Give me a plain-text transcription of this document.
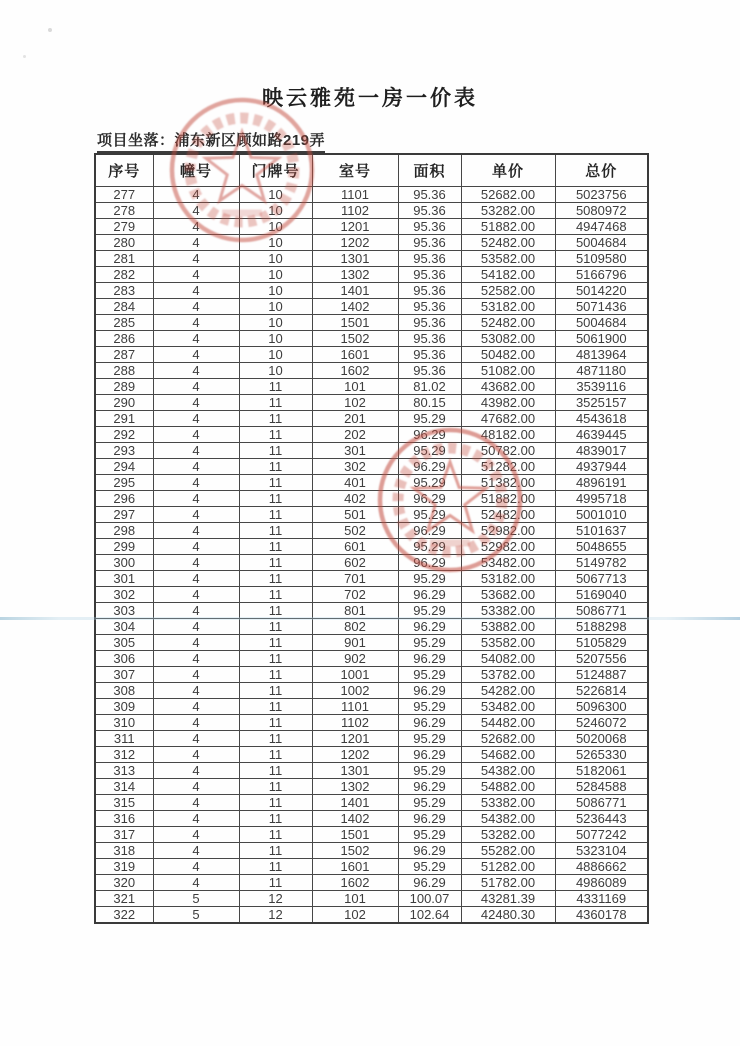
映云雅苑一房一价表
项目坐落：浦东新区顾如路219弄
序号	幢号	门牌号	室号	面积	单价	总价
277	4	10	1101	95.36	52682.00	5023756
278	4	10	1102	95.36	53282.00	5080972
279	4	10	1201	95.36	51882.00	4947468
280	4	10	1202	95.36	52482.00	5004684
281	4	10	1301	95.36	53582.00	5109580
282	4	10	1302	95.36	54182.00	5166796
283	4	10	1401	95.36	52582.00	5014220
284	4	10	1402	95.36	53182.00	5071436
285	4	10	1501	95.36	52482.00	5004684
286	4	10	1502	95.36	53082.00	5061900
287	4	10	1601	95.36	50482.00	4813964
288	4	10	1602	95.36	51082.00	4871180
289	4	11	101	81.02	43682.00	3539116
290	4	11	102	80.15	43982.00	3525157
291	4	11	201	95.29	47682.00	4543618
292	4	11	202	96.29	48182.00	4639445
293	4	11	301	95.29	50782.00	4839017
294	4	11	302	96.29	51282.00	4937944
295	4	11	401	95.29	51382.00	4896191
296	4	11	402	96.29	51882.00	4995718
297	4	11	501	95.29	52482.00	5001010
298	4	11	502	96.29	52982.00	5101637
299	4	11	601	95.29	52982.00	5048655
300	4	11	602	96.29	53482.00	5149782
301	4	11	701	95.29	53182.00	5067713
302	4	11	702	96.29	53682.00	5169040
303	4	11	801	95.29	53382.00	5086771
304	4	11	802	96.29	53882.00	5188298
305	4	11	901	95.29	53582.00	5105829
306	4	11	902	96.29	54082.00	5207556
307	4	11	1001	95.29	53782.00	5124887
308	4	11	1002	96.29	54282.00	5226814
309	4	11	1101	95.29	53482.00	5096300
310	4	11	1102	96.29	54482.00	5246072
311	4	11	1201	95.29	52682.00	5020068
312	4	11	1202	96.29	54682.00	5265330
313	4	11	1301	95.29	54382.00	5182061
314	4	11	1302	96.29	54882.00	5284588
315	4	11	1401	95.29	53382.00	5086771
316	4	11	1402	96.29	54382.00	5236443
317	4	11	1501	95.29	53282.00	5077242
318	4	11	1502	96.29	55282.00	5323104
319	4	11	1601	95.29	51282.00	4886662
320	4	11	1602	96.29	51782.00	4986089
321	5	12	101	100.07	43281.39	4331169
322	5	12	102	102.64	42480.30	4360178
